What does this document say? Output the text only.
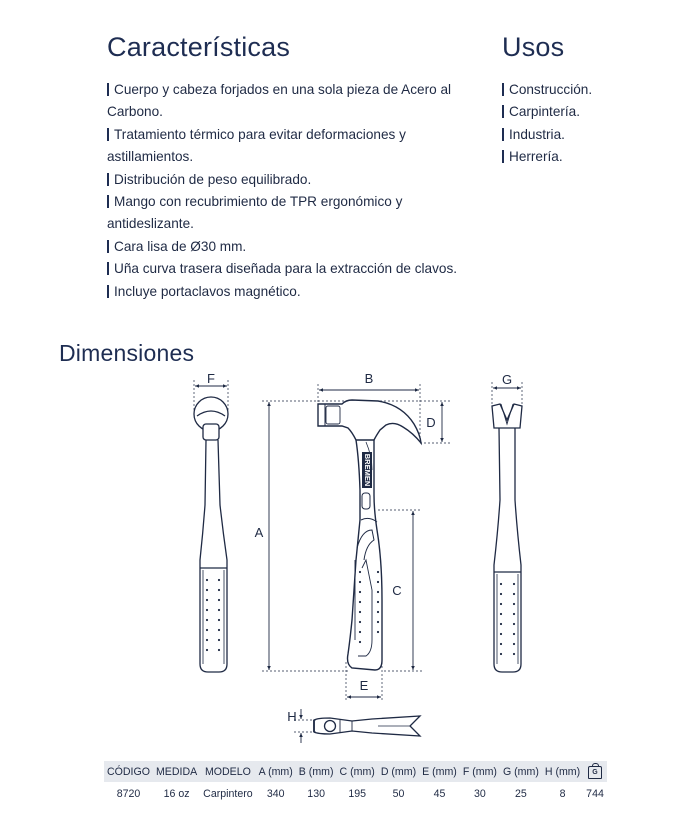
Características	Usos
Dimensiones

Cuerpo y cabeza forjados en una sola pieza de Acero al Carbono.

Tratamiento térmico para evitar deformaciones y astillamientos.

Distribución de peso equilibrado.

Mango con recubrimiento de TPR ergonómico y antideslizante.

Cara lisa de Ø30 mm.

Uña curva trasera diseñada para la extracción de clavos.

Incluye portaclavos magnético.

Construcción.

Carpintería.

Industria.

Herrería.

F
BREMEN
A
B
D
C
E
G
H
CÓDIGO	MEDIDA	MODELO	A (mm)	B (mm)	C (mm)	D (mm)	E (mm)	F (mm)	G (mm)	H (mm)	G
8720	16 oz	Carpintero	340	130	195	50	45	30	25	8	744
